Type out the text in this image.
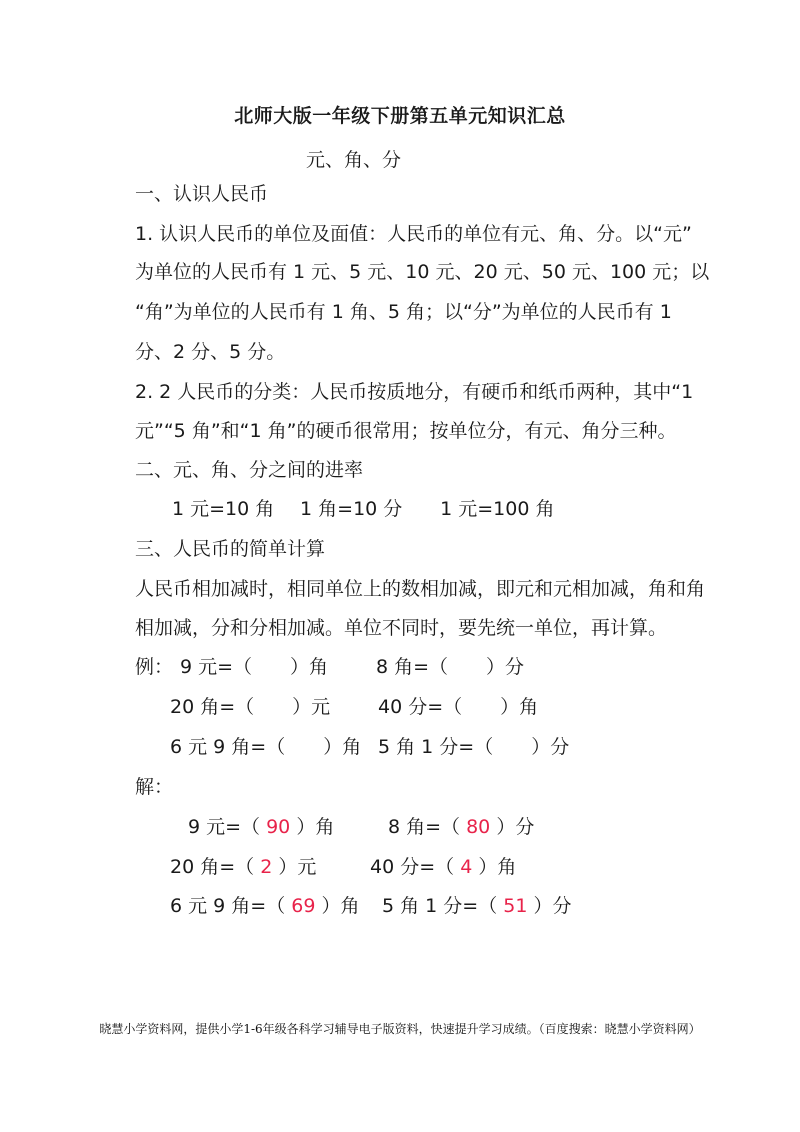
北师大版一年级下册第五单元知识汇总
元、角、分
一、认识人民币
1. 认识人民币的单位及面值：人民币的单位有元、角、分。以“元”
为单位的人民币有 1 元、5 元、10 元、20 元、50 元、100 元；以
“角”为单位的人民币有 1 角、5 角；以“分”为单位的人民币有 1
分、2 分、5 分。
2. 2 人民币的分类：人民币按质地分，有硬币和纸币两种，其中“1
元”“5 角”和“1 角”的硬币很常用；按单位分，有元、角分三种。
二、元、角、分之间的进率
1 元=10 角 1 角=10 分 1 元=100 角
三、人民币的简单计算
人民币相加减时，相同单位上的数相加减，即元和元相加减，角和角
相加减，分和分相加减。单位不同时，要先统一单位，再计算。
例： 9 元=（　　）角	8 角=（　　）分
20 角=（　　）元	40 分=（　　）角
6 元 9 角=（　　）角 5 角 1 分=（　　）分
解：
9 元=（ 90 ）角	8 角=（ 80 ）分
20 角=（ 2 ）元	40 分=（ 4 ）角
6 元 9 角=（ 69 ）角 5 角 1 分=（ 51 ）分
晓慧小学资料网，提供小学1-6年级各科学习辅导电子版资料，快速提升学习成绩。（百度搜索：晓慧小学资料网）
